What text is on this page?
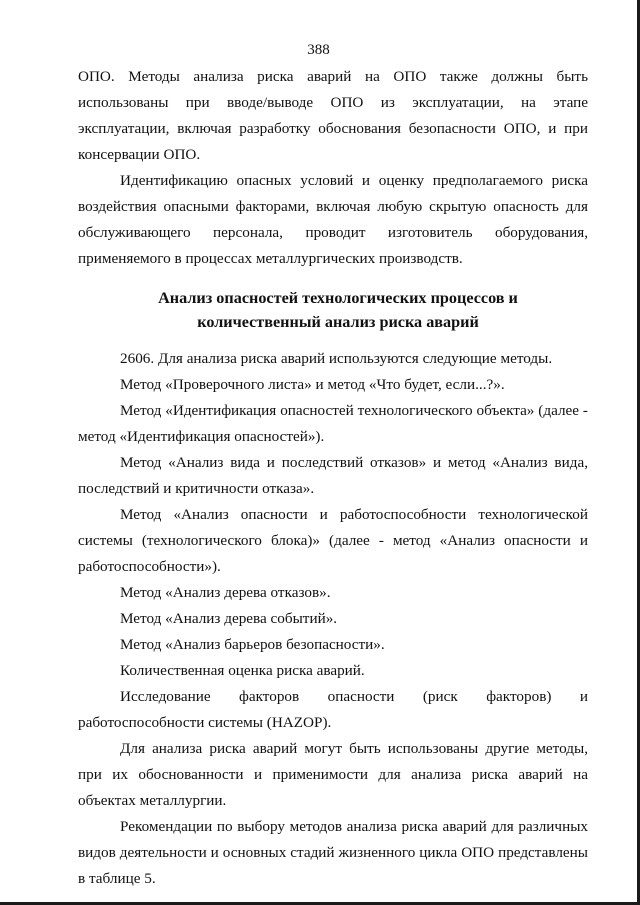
388

ОПО. Методы анализа риска аварий на ОПО также должны быть использованы при вводе/выводе ОПО из эксплуатации, на этапе эксплуатации, включая разработку обоснования безопасности ОПО, и при консервации ОПО.

Идентификацию опасных условий и оценку предполагаемого риска воздействия опасными факторами, включая любую скрытую опасность для обслуживающего персонала, проводит изготовитель оборудования, применяемого в процессах металлургических производств.

Анализ опасностей технологических процессов и количественный анализ риска аварий

2606. Для анализа риска аварий используются следующие методы.

Метод «Проверочного листа» и метод «Что будет, если...?».

Метод «Идентификация опасностей технологического объекта» (далее - метод «Идентификация опасностей»).

Метод «Анализ вида и последствий отказов» и метод «Анализ вида, последствий и критичности отказа».

Метод «Анализ опасности и работоспособности технологической системы (технологического блока)» (далее - метод «Анализ опасности и работоспособности»).

Метод «Анализ дерева отказов».

Метод «Анализ дерева событий».

Метод «Анализ барьеров безопасности».

Количественная оценка риска аварий.

Исследование факторов опасности (риск факторов) и работоспособности системы (HAZOP).

Для анализа риска аварий могут быть использованы другие методы, при их обоснованности и применимости для анализа риска аварий на объектах металлургии.

Рекомендации по выбору методов анализа риска аварий для различных видов деятельности и основных стадий жизненного цикла ОПО представлены в таблице 5.
